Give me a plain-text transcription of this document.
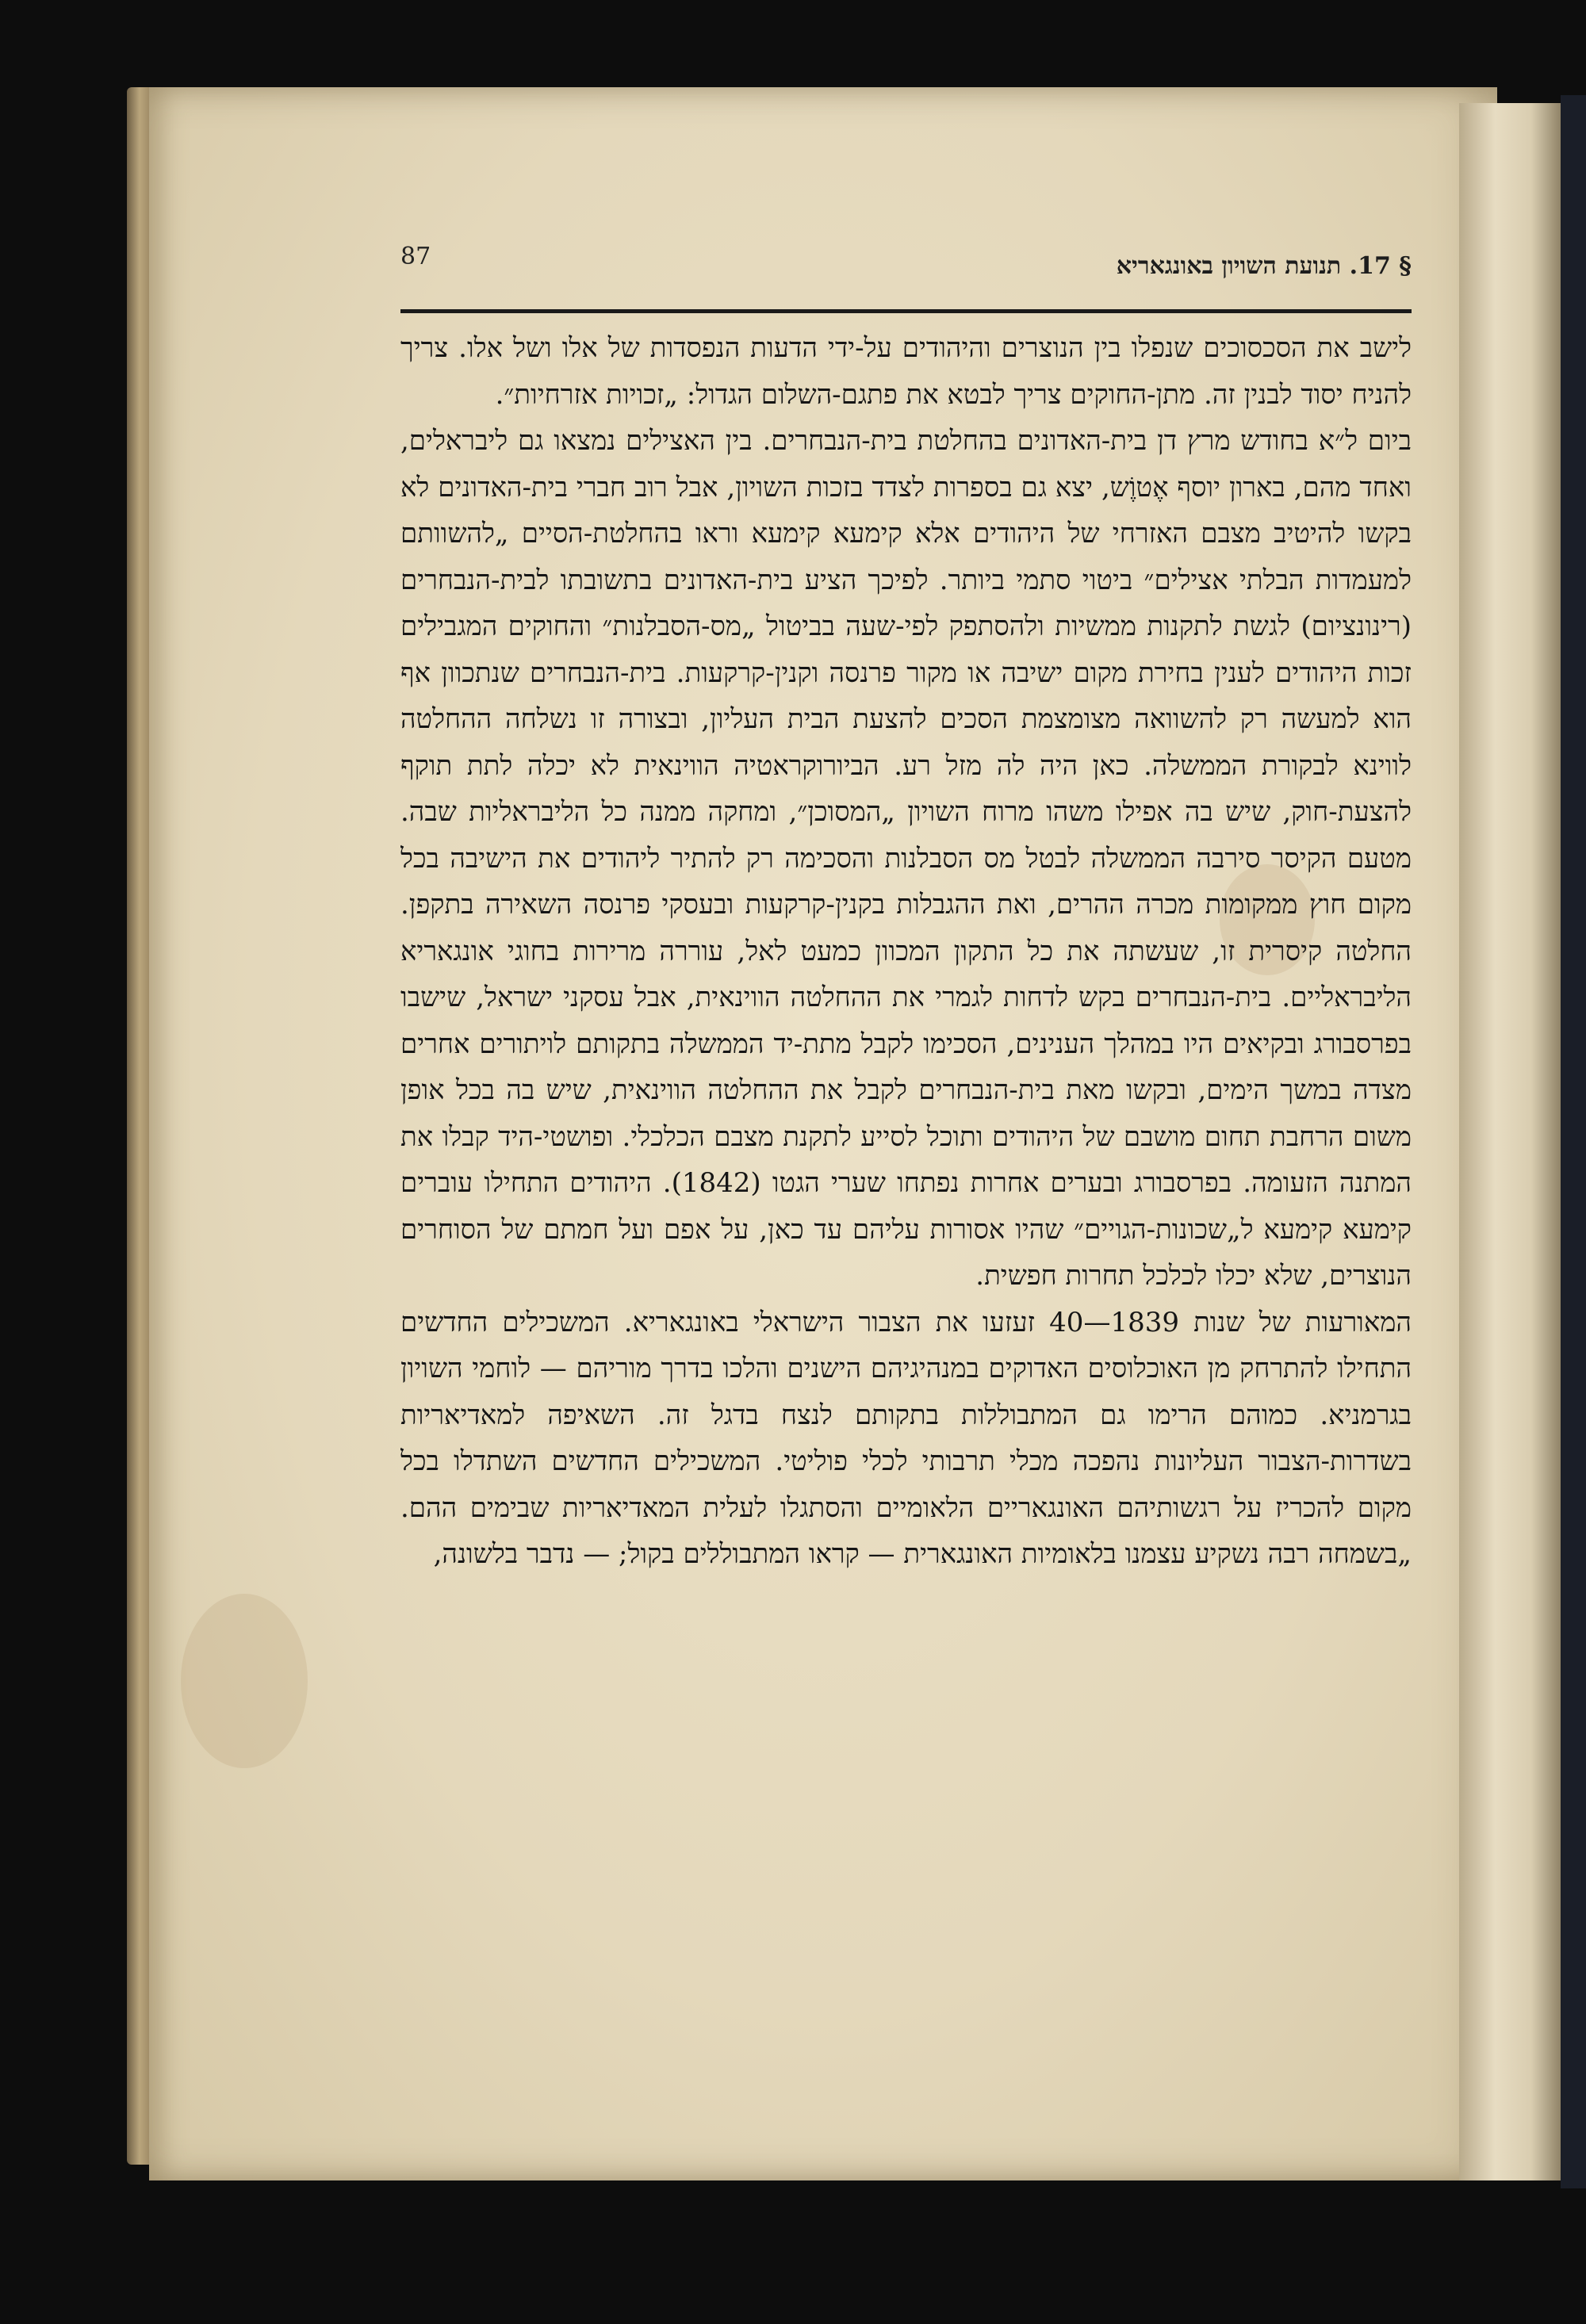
87	§ 17. תנועת השויון באונגאריא

לישב את הסכסוכים שנפלו בין הנוצרים והיהודים על-ידי הדעות הנפסדות של אלו ושל אלו. צריך להניח יסוד לבנין זה. מתן-החוקים צריך לבטא את פתגם-השלום הגדול: „זכויות אזרחיות״.

ביום ל״א בחודש מרץ דן בית-האדונים בהחלטת בית-הנבחרים. בין האצילים נמצאו גם ליבראלים, ואחד מהם, בארון יוסף אֶטוֶֹש, יצא גם בספרות לצדד בזכות השויון, אבל רוב חברי בית-האדונים לא בקשו להיטיב מצבם האזרחי של היהודים אלא קימעא קימעא וראו בהחלטת-הסיים „להשוותם למעמדות הבלתי אצילים״ ביטוי סתמי ביותר. לפיכך הציע בית-האדונים בתשובתו לבית-הנבחרים (רינונציום) לגשת לתקנות ממשיות ולהסתפק לפי-שעה בביטול „מס-הסבלנות״ והחוקים המגבילים זכות היהודים לענין בחירת מקום ישיבה או מקור פרנסה וקנין-קרקעות. בית-הנבחרים שנתכוון אף הוא למעשה רק להשוואה מצומצמת הסכים להצעת הבית העליון, ובצורה זו נשלחה ההחלטה לווינא לבקורת הממשלה. כאן היה לה מזל רע. הביורוקראטיה הווינאית לא יכלה לתת תוקף להצעת-חוק, שיש בה אפילו משהו מרוח השויון „המסוכן״, ומחקה ממנה כל הליבראליות שבה. מטעם הקיסר סירבה הממשלה לבטל מס הסבלנות והסכימה רק להתיר ליהודים את הישיבה בכל מקום חוץ ממקומות מכרה ההרים, ואת ההגבלות בקנין-קרקעות ובעסקי פרנסה השאירה בתקפן. החלטה קיסרית זו, שעשתה את כל התקון המכוון כמעט לאל, עוררה מרירות בחוגי אונגאריא הליבראליים. בית-הנבחרים בקש לדחות לגמרי את ההחלטה הווינאית, אבל עסקני ישראל, שישבו בפרסבורג ובקיאים היו במהלך הענינים, הסכימו לקבל מתת-יד הממשלה בתקותם לויתורים אחרים מצדה במשך הימים, ובקשו מאת בית-הנבחרים לקבל את ההחלטה הווינאית, שיש בה בכל אופן משום הרחבת תחום מושבם של היהודים ותוכל לסייע לתקנת מצבם הכלכלי. ופושטי-היד קבלו את המתנה הזעומה. בפרסבורג ובערים אחרות נפתחו שערי הגטו (1842). היהודים התחילו עוברים קימעא קימעא ל„שכונות-הגויים״ שהיו אסורות עליהם עד כאן, על אפם ועל חמתם של הסוחרים הנוצרים, שלא יכלו לכלכל תחרות חפשית.

המאורעות של שנות 1839—40 זעזעו את הצבור הישראלי באונגאריא. המשכילים החדשים התחילו להתרחק מן האוכלוסים האדוקים במנהיגיהם הישנים והלכו בדרך מוריהם — לוחמי השויון בגרמניא. כמוהם הרימו גם המתבוללות בתקותם לנצח בדגל זה. השאיפה למאדיאריות בשדרות-הצבור העליונות נהפכה מכלי תרבותי לכלי פוליטי. המשכילים החדשים השתדלו בכל מקום להכריז על רגשותיהם האונגאריים הלאומיים והסתגלו לעלית המאדיאריות שבימים ההם. „בשמחה רבה נשקיע עצמנו בלאומיות האונגארית — קראו המתבוללים בקול; — נדבר בלשונה,
